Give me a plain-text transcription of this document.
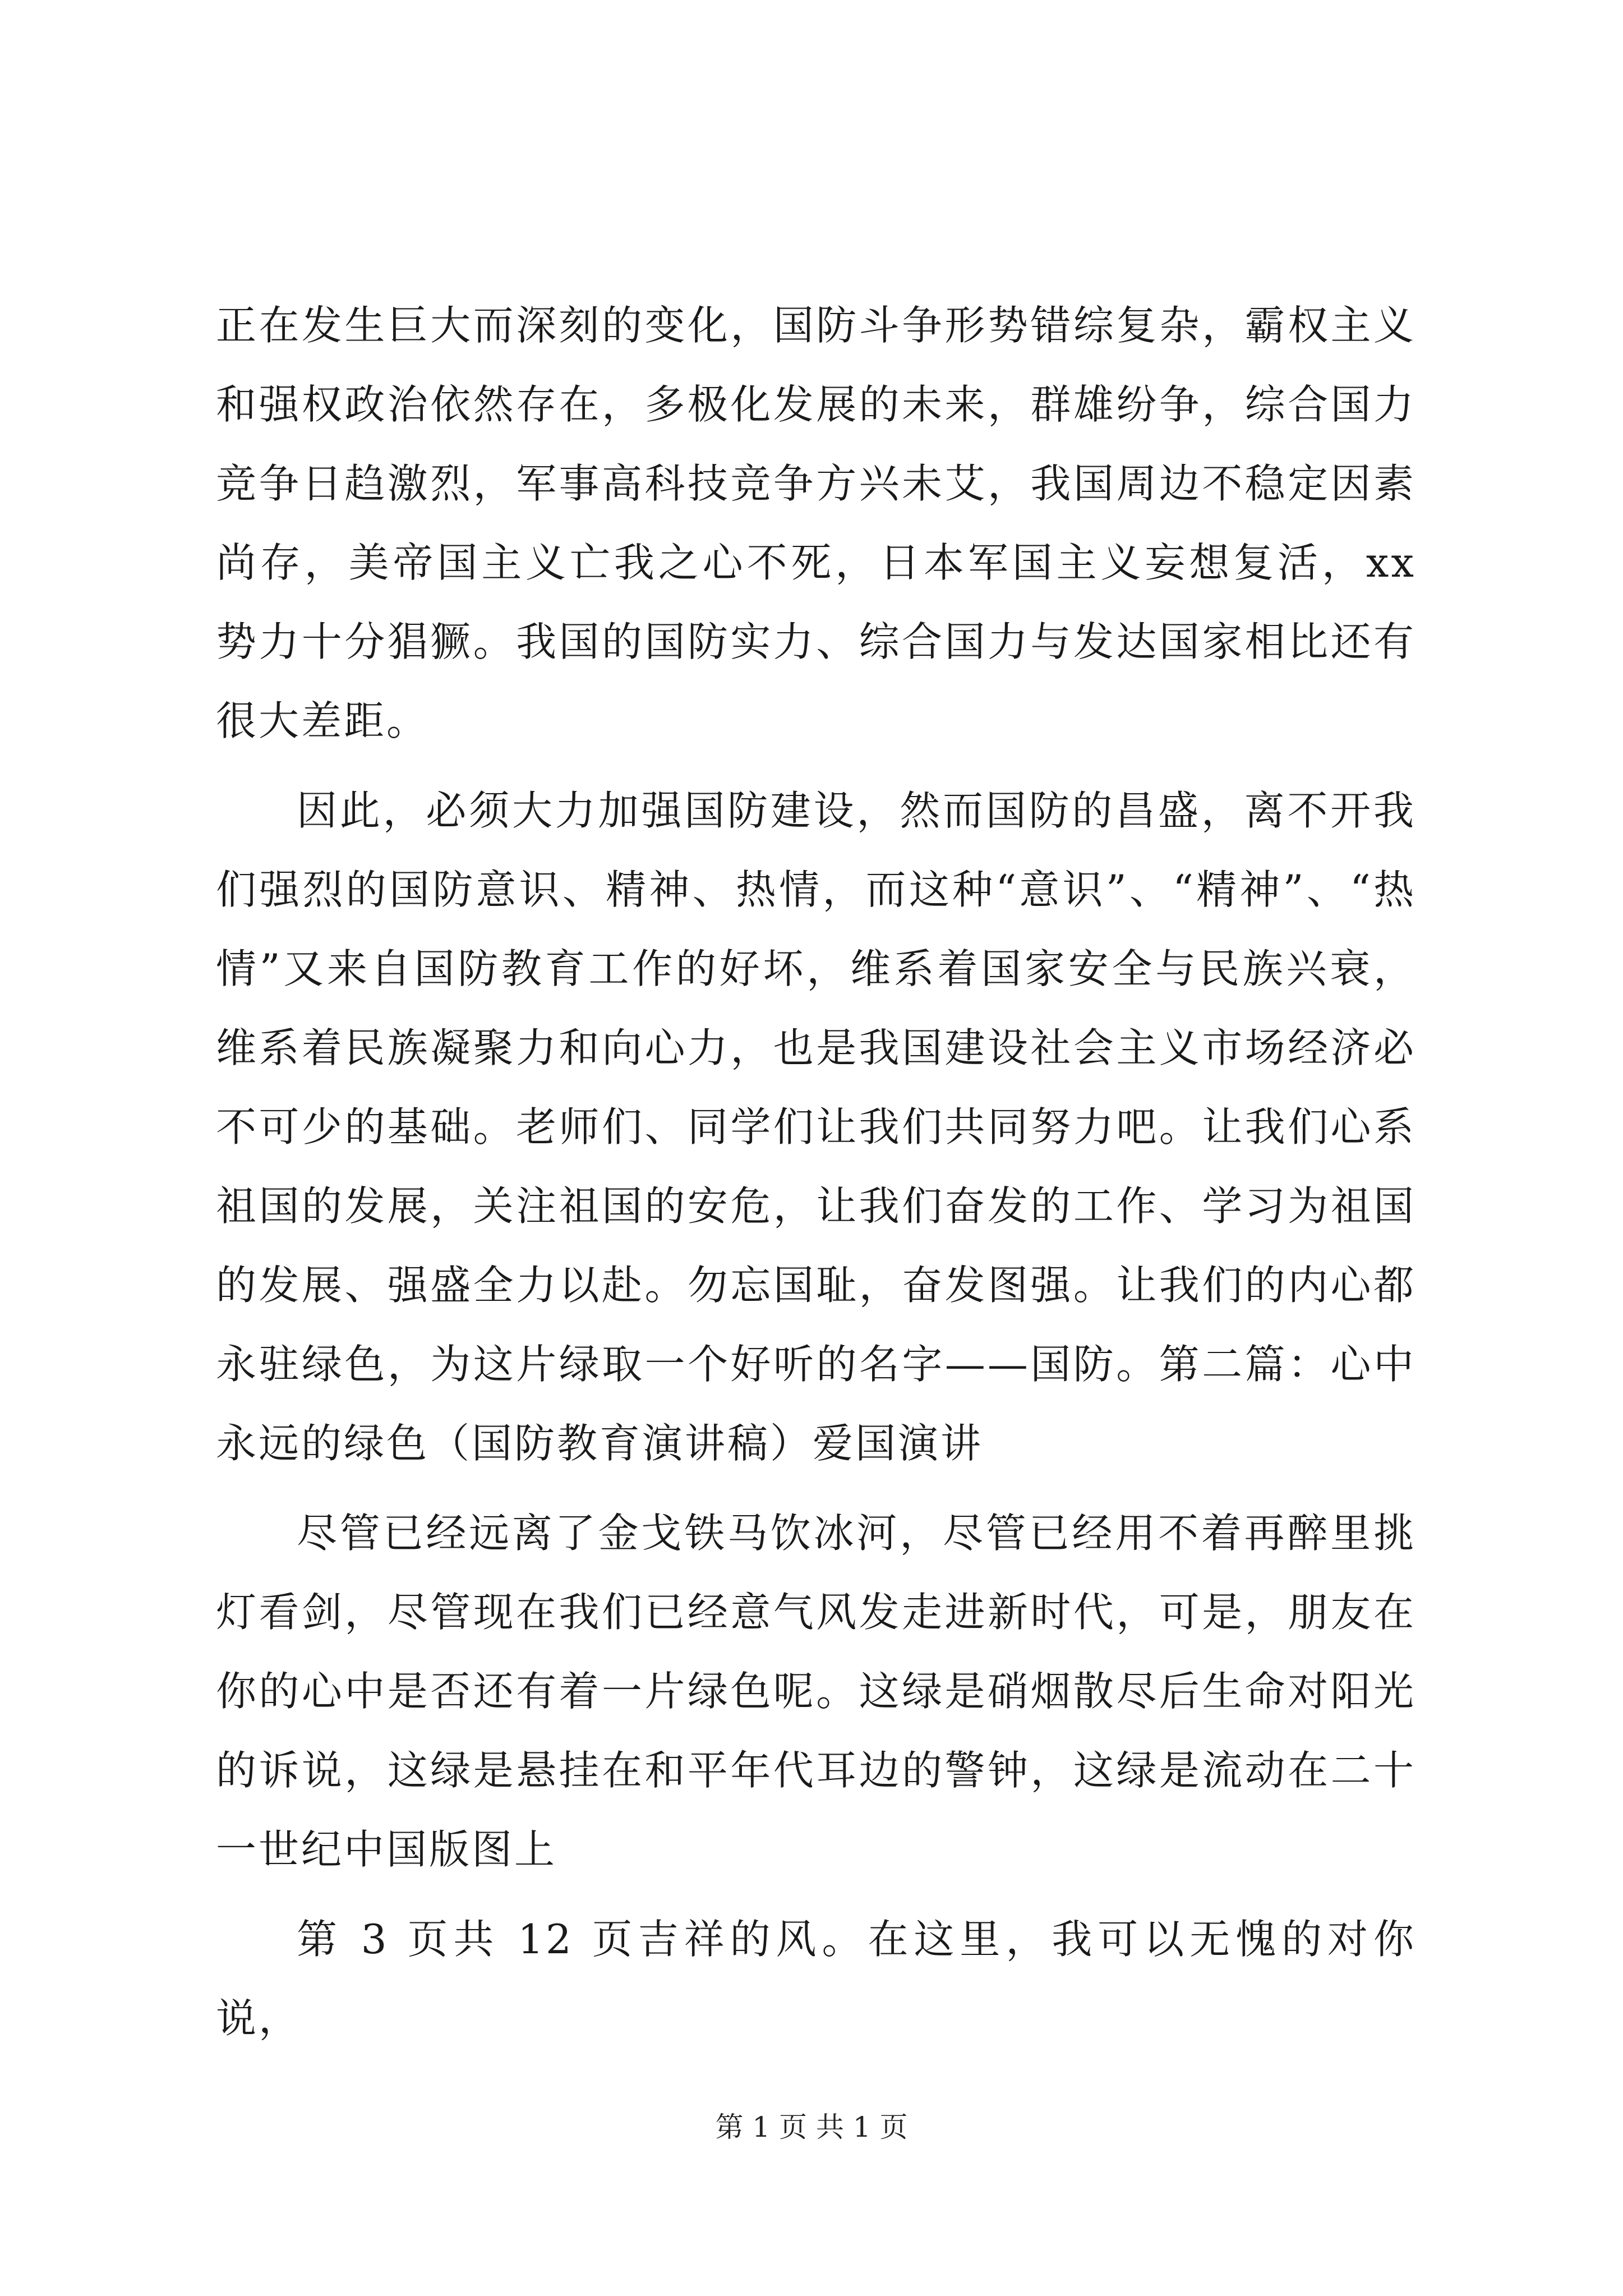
正在发生巨大而深刻的变化，国防斗争形势错综复杂，霸权主义和强权政治依然存在，多极化发展的未来，群雄纷争，综合国力竞争日趋激烈，军事高科技竞争方兴未艾，我国周边不稳定因素尚存，美帝国主义亡我之心不死，日本军国主义妄想复活，xx势力十分猖獗。我国的国防实力、综合国力与发达国家相比还有很大差距。

因此，必须大力加强国防建设，然而国防的昌盛，离不开我们强烈的国防意识、精神、热情，而这种“意识”、“精神”、“热情”又来自国防教育工作的好坏，维系着国家安全与民族兴衰，维系着民族凝聚力和向心力，也是我国建设社会主义市场经济必不可少的基础。老师们、同学们让我们共同努力吧。让我们心系祖国的发展，关注祖国的安危，让我们奋发的工作、学习为祖国的发展、强盛全力以赴。勿忘国耻，奋发图强。让我们的内心都永驻绿色，为这片绿取一个好听的名字——国防。第二篇：心中永远的绿色（国防教育演讲稿）爱国演讲

尽管已经远离了金戈铁马饮冰河，尽管已经用不着再醉里挑灯看剑，尽管现在我们已经意气风发走进新时代，可是，朋友在你的心中是否还有着一片绿色呢。这绿是硝烟散尽后生命对阳光的诉说，这绿是悬挂在和平年代耳边的警钟，这绿是流动在二十一世纪中国版图上

第 3 页共 12 页吉祥的风。在这里，我可以无愧的对你说，

第 1 页 共 1 页
